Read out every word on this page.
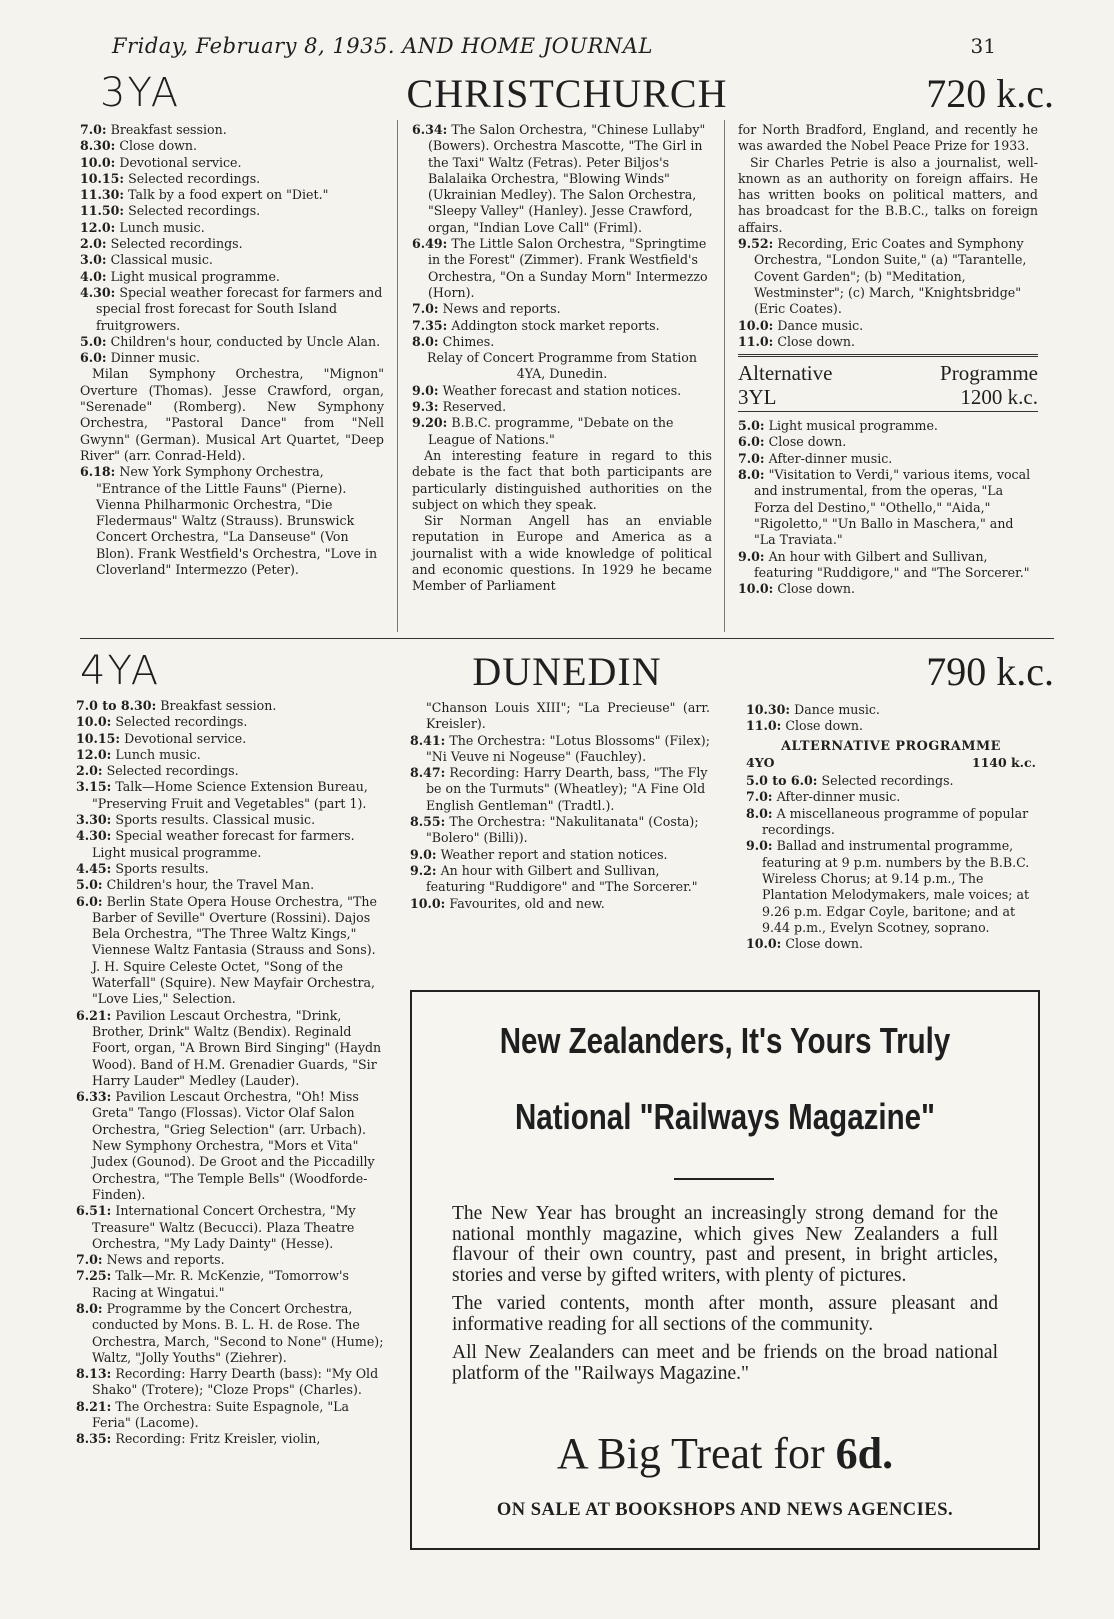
Friday, February 8, 1935. AND HOME JOURNAL	31
3YA	CHRISTCHURCH	720 k.c.

7.0: Breakfast session.

8.30: Close down.

10.0: Devotional service.

10.15: Selected recordings.

11.30: Talk by a food expert on "Diet."

11.50: Selected recordings.

12.0: Lunch music.

2.0: Selected recordings.

3.0: Classical music.

4.0: Light musical programme.

4.30: Special weather forecast for farmers and special frost forecast for South Island fruitgrowers.

5.0: Children's hour, conducted by Uncle Alan.

6.0: Dinner music.

Milan Symphony Orchestra, "Mignon" Overture (Thomas). Jesse Crawford, organ, "Serenade" (Romberg). New Symphony Orchestra, "Pastoral Dance" from "Nell Gwynn" (German). Musical Art Quartet, "Deep River" (arr. Conrad-Held).

6.18: New York Symphony Orchestra, "Entrance of the Little Fauns" (Pierne). Vienna Philharmonic Orchestra, "Die Fledermaus" Waltz (Strauss). Brunswick Concert Orchestra, "La Danseuse" (Von Blon). Frank Westfield's Orchestra, "Love in Cloverland" Intermezzo (Peter).

6.34: The Salon Orchestra, "Chinese Lullaby" (Bowers). Orchestra Mascotte, "The Girl in the Taxi" Waltz (Fetras). Peter Biljos's Balalaika Orchestra, "Blowing Winds" (Ukrainian Medley). The Salon Orchestra, "Sleepy Valley" (Hanley). Jesse Crawford, organ, "Indian Love Call" (Friml).

6.49: The Little Salon Orchestra, "Springtime in the Forest" (Zimmer). Frank Westfield's Orchestra, "On a Sunday Morn" Intermezzo (Horn).

7.0: News and reports.

7.35: Addington stock market reports.

8.0: Chimes.

Relay of Concert Programme from Station 4YA, Dunedin.

9.0: Weather forecast and station notices.

9.3: Reserved.

9.20: B.B.C. programme, "Debate on the League of Nations."

An interesting feature in regard to this debate is the fact that both participants are particularly distinguished authorities on the subject on which they speak.

Sir Norman Angell has an enviable reputation in Europe and America as a journalist with a wide knowledge of political and economic questions. In 1929 he became Member of Parliament

for North Bradford, England, and recently he was awarded the Nobel Peace Prize for 1933.

Sir Charles Petrie is also a journalist, well-known as an authority on foreign affairs. He has written books on political matters, and has broadcast for the B.B.C., talks on foreign affairs.

9.52: Recording, Eric Coates and Symphony Orchestra, "London Suite," (a) "Tarantelle, Covent Garden"; (b) "Meditation, Westminster"; (c) March, "Knightsbridge" (Eric Coates).

10.0: Dance music.

11.0: Close down.

Alternative	Programme
3YL	1200 k.c.

5.0: Light musical programme.

6.0: Close down.

7.0: After-dinner music.

8.0: "Visitation to Verdi," various items, vocal and instrumental, from the operas, "La Forza del Destino," "Othello," "Aida," "Rigoletto," "Un Ballo in Maschera," and "La Traviata."

9.0: An hour with Gilbert and Sullivan, featuring "Ruddigore," and "The Sorcerer."

10.0: Close down.

4YA	DUNEDIN	790 k.c.

7.0 to 8.30: Breakfast session.

10.0: Selected recordings.

10.15: Devotional service.

12.0: Lunch music.

2.0: Selected recordings.

3.15: Talk—Home Science Extension Bureau, "Preserving Fruit and Vegetables" (part 1).

3.30: Sports results. Classical music.

4.30: Special weather forecast for farmers. Light musical programme.

4.45: Sports results.

5.0: Children's hour, the Travel Man.

6.0: Berlin State Opera House Orchestra, "The Barber of Seville" Overture (Rossini). Dajos Bela Orchestra, "The Three Waltz Kings," Viennese Waltz Fantasia (Strauss and Sons). J. H. Squire Celeste Octet, "Song of the Waterfall" (Squire). New Mayfair Orchestra, "Love Lies," Selection.

6.21: Pavilion Lescaut Orchestra, "Drink, Brother, Drink" Waltz (Bendix). Reginald Foort, organ, "A Brown Bird Singing" (Haydn Wood). Band of H.M. Grenadier Guards, "Sir Harry Lauder" Medley (Lauder).

6.33: Pavilion Lescaut Orchestra, "Oh! Miss Greta" Tango (Flossas). Victor Olaf Salon Orchestra, "Grieg Selection" (arr. Urbach). New Symphony Orchestra, "Mors et Vita" Judex (Gounod). De Groot and the Piccadilly Orchestra, "The Temple Bells" (Woodforde-Finden).

6.51: International Concert Orchestra, "My Treasure" Waltz (Becucci). Plaza Theatre Orchestra, "My Lady Dainty" (Hesse).

7.0: News and reports.

7.25: Talk—Mr. R. McKenzie, "Tomorrow's Racing at Wingatui."

8.0: Programme by the Concert Orchestra, conducted by Mons. B. L. H. de Rose. The Orchestra, March, "Second to None" (Hume); Waltz, "Jolly Youths" (Ziehrer).

8.13: Recording: Harry Dearth (bass): "My Old Shako" (Trotere); "Cloze Props" (Charles).

8.21: The Orchestra: Suite Espagnole, "La Feria" (Lacome).

8.35: Recording: Fritz Kreisler, violin,

"Chanson Louis XIII"; "La Precieuse" (arr. Kreisler).

8.41: The Orchestra: "Lotus Blossoms" (Filex); "Ni Veuve ni Nogeuse" (Fauchley).

8.47: Recording: Harry Dearth, bass, "The Fly be on the Turmuts" (Wheatley); "A Fine Old English Gentleman" (Tradtl.).

8.55: The Orchestra: "Nakulitanata" (Costa); "Bolero" (Billi)).

9.0: Weather report and station notices.

9.2: An hour with Gilbert and Sullivan, featuring "Ruddigore" and "The Sorcerer."

10.0: Favourites, old and new.

10.30: Dance music.

11.0: Close down.

ALTERNATIVE PROGRAMME

4YO	1140 k.c.

5.0 to 6.0: Selected recordings.

7.0: After-dinner music.

8.0: A miscellaneous programme of popular recordings.

9.0: Ballad and instrumental programme, featuring at 9 p.m. numbers by the B.B.C. Wireless Chorus; at 9.14 p.m., The Plantation Melodymakers, male voices; at 9.26 p.m. Edgar Coyle, baritone; and at 9.44 p.m., Evelyn Scotney, soprano.

10.0: Close down.

New Zealanders, It's Yours Truly

National "Railways Magazine"

The New Year has brought an increasingly strong demand for the national monthly magazine, which gives New Zealanders a full flavour of their own country, past and present, in bright articles, stories and verse by gifted writers, with plenty of pictures.

The varied contents, month after month, assure pleasant and informative reading for all sections of the community.

All New Zealanders can meet and be friends on the broad national platform of the "Railways Magazine."

A Big Treat for 6d.
ON SALE AT BOOKSHOPS AND NEWS AGENCIES.
